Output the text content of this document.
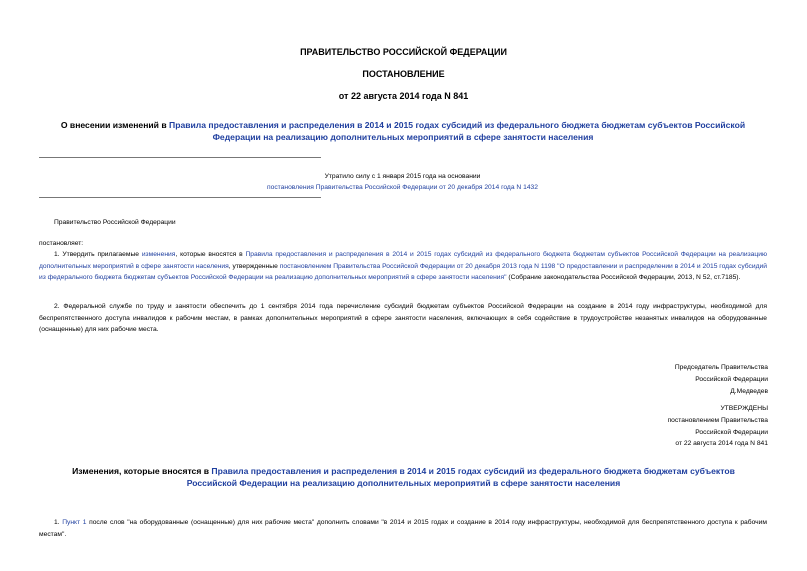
ПРАВИТЕЛЬСТВО РОССИЙСКОЙ ФЕДЕРАЦИИ
ПОСТАНОВЛЕНИЕ
от 22 августа 2014 года N 841
О внесении изменений в Правила предоставления и распределения в 2014 и 2015 годах субсидий из федерального бюджета бюджетам субъектов Российской Федерации на реализацию дополнительных мероприятий в сфере занятости населения
Утратило силу с 1 января 2015 года на основании
постановления Правительства Российской Федерации от 20 декабря 2014 года N 1432
Правительство Российской Федерации
постановляет:
1. Утвердить прилагаемые изменения, которые вносятся в Правила предоставления и распределения в 2014 и 2015 годах субсидий из федерального бюджета бюджетам субъектов Российской Федерации на реализацию дополнительных мероприятий в сфере занятости населения, утвержденные постановлением Правительства Российской Федерации от 20 декабря 2013 года N 1198 "О предоставлении и распределении в 2014 и 2015 годах субсидий из федерального бюджета бюджетам субъектов Российской Федерации на реализацию дополнительных мероприятий в сфере занятости населения" (Собрание законодательства Российской Федерации, 2013, N 52, ст.7185).
2. Федеральной службе по труду и занятости обеспечить до 1 сентября 2014 года перечисление субсидий бюджетам субъектов Российской Федерации на создание в 2014 году инфраструктуры, необходимой для беспрепятственного доступа инвалидов к рабочим местам, в рамках дополнительных мероприятий в сфере занятости населения, включающих в себя содействие в трудоустройстве незанятых инвалидов на оборудованные (оснащенные) для них рабочие места.
Председатель Правительства
Российской Федерации
Д.Медведев
УТВЕРЖДЕНЫ
постановлением Правительства
Российской Федерации
от 22 августа 2014 года N 841
Изменения, которые вносятся в Правила предоставления и распределения в 2014 и 2015 годах субсидий из федерального бюджета бюджетам субъектов Российской Федерации на реализацию дополнительных мероприятий в сфере занятости населения
1. Пункт 1 после слов "на оборудованные (оснащенные) для них рабочие места" дополнить словами "в 2014 и 2015 годах и создание в 2014 году инфраструктуры, необходимой для беспрепятственного доступа к рабочим местам".
